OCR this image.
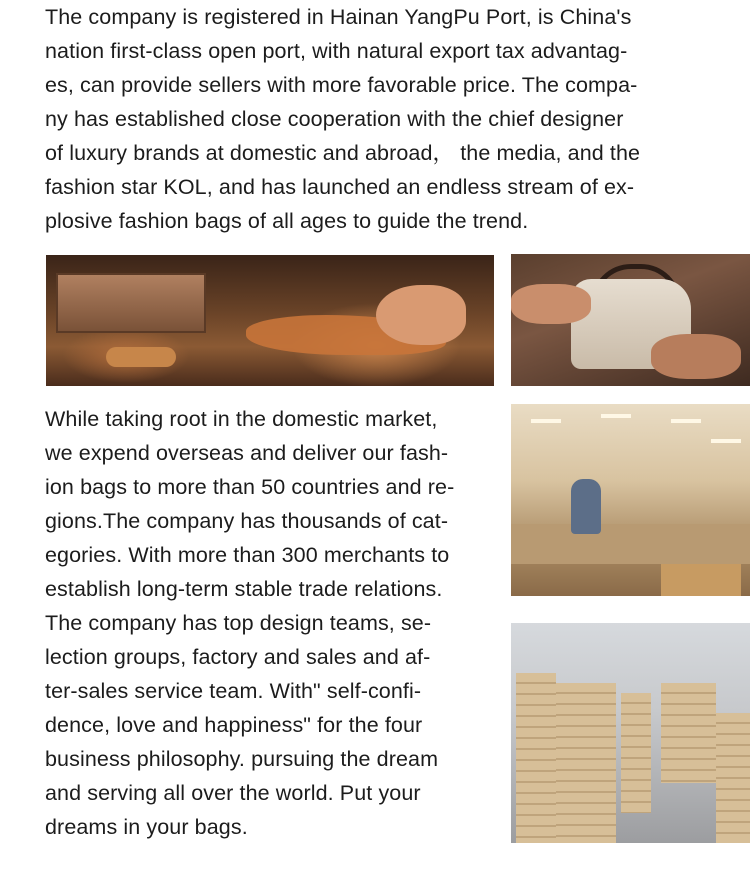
The company is registered in Hainan YangPu Port, is China's
nation first-class open port, with natural export tax advantag-
es, can provide sellers with more favorable price. The compa-
ny has established close cooperation with the chief designer
of luxury brands at domestic and abroad， the media, and the
fashion star KOL, and has launched an endless stream of ex-
plosive fashion bags of all ages to guide the trend.
While taking root in the domestic market,
we expend overseas and deliver our fash-
ion bags to more than 50 countries and re-
gions.The company has thousands of cat-
egories. With more than 300 merchants to
establish long-term stable trade relations.
The company has top design teams, se-
lection groups, factory and sales and af-
ter-sales service team. With" self-confi-
dence, love and happiness" for the four
business philosophy. pursuing the dream
and serving all over the world. Put your
dreams in your bags.
